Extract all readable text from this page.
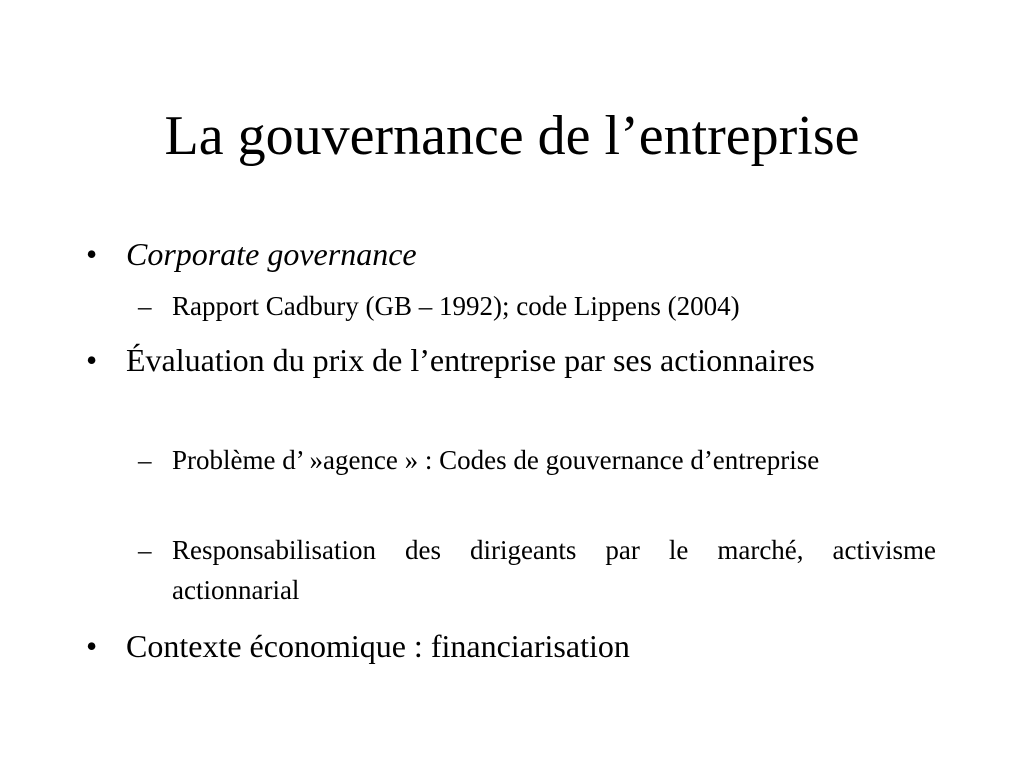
La gouvernance de l’entreprise
• Corporate governance
– Rapport Cadbury (GB – 1992); code Lippens (2004)
• Évaluation du prix de l’entreprise par ses actionnaires
– Problème d’ »agence » : Codes de gouvernance d’entreprise
– Responsabilisation des dirigeants par le marché, activisme actionnarial
• Contexte économique : financiarisation
